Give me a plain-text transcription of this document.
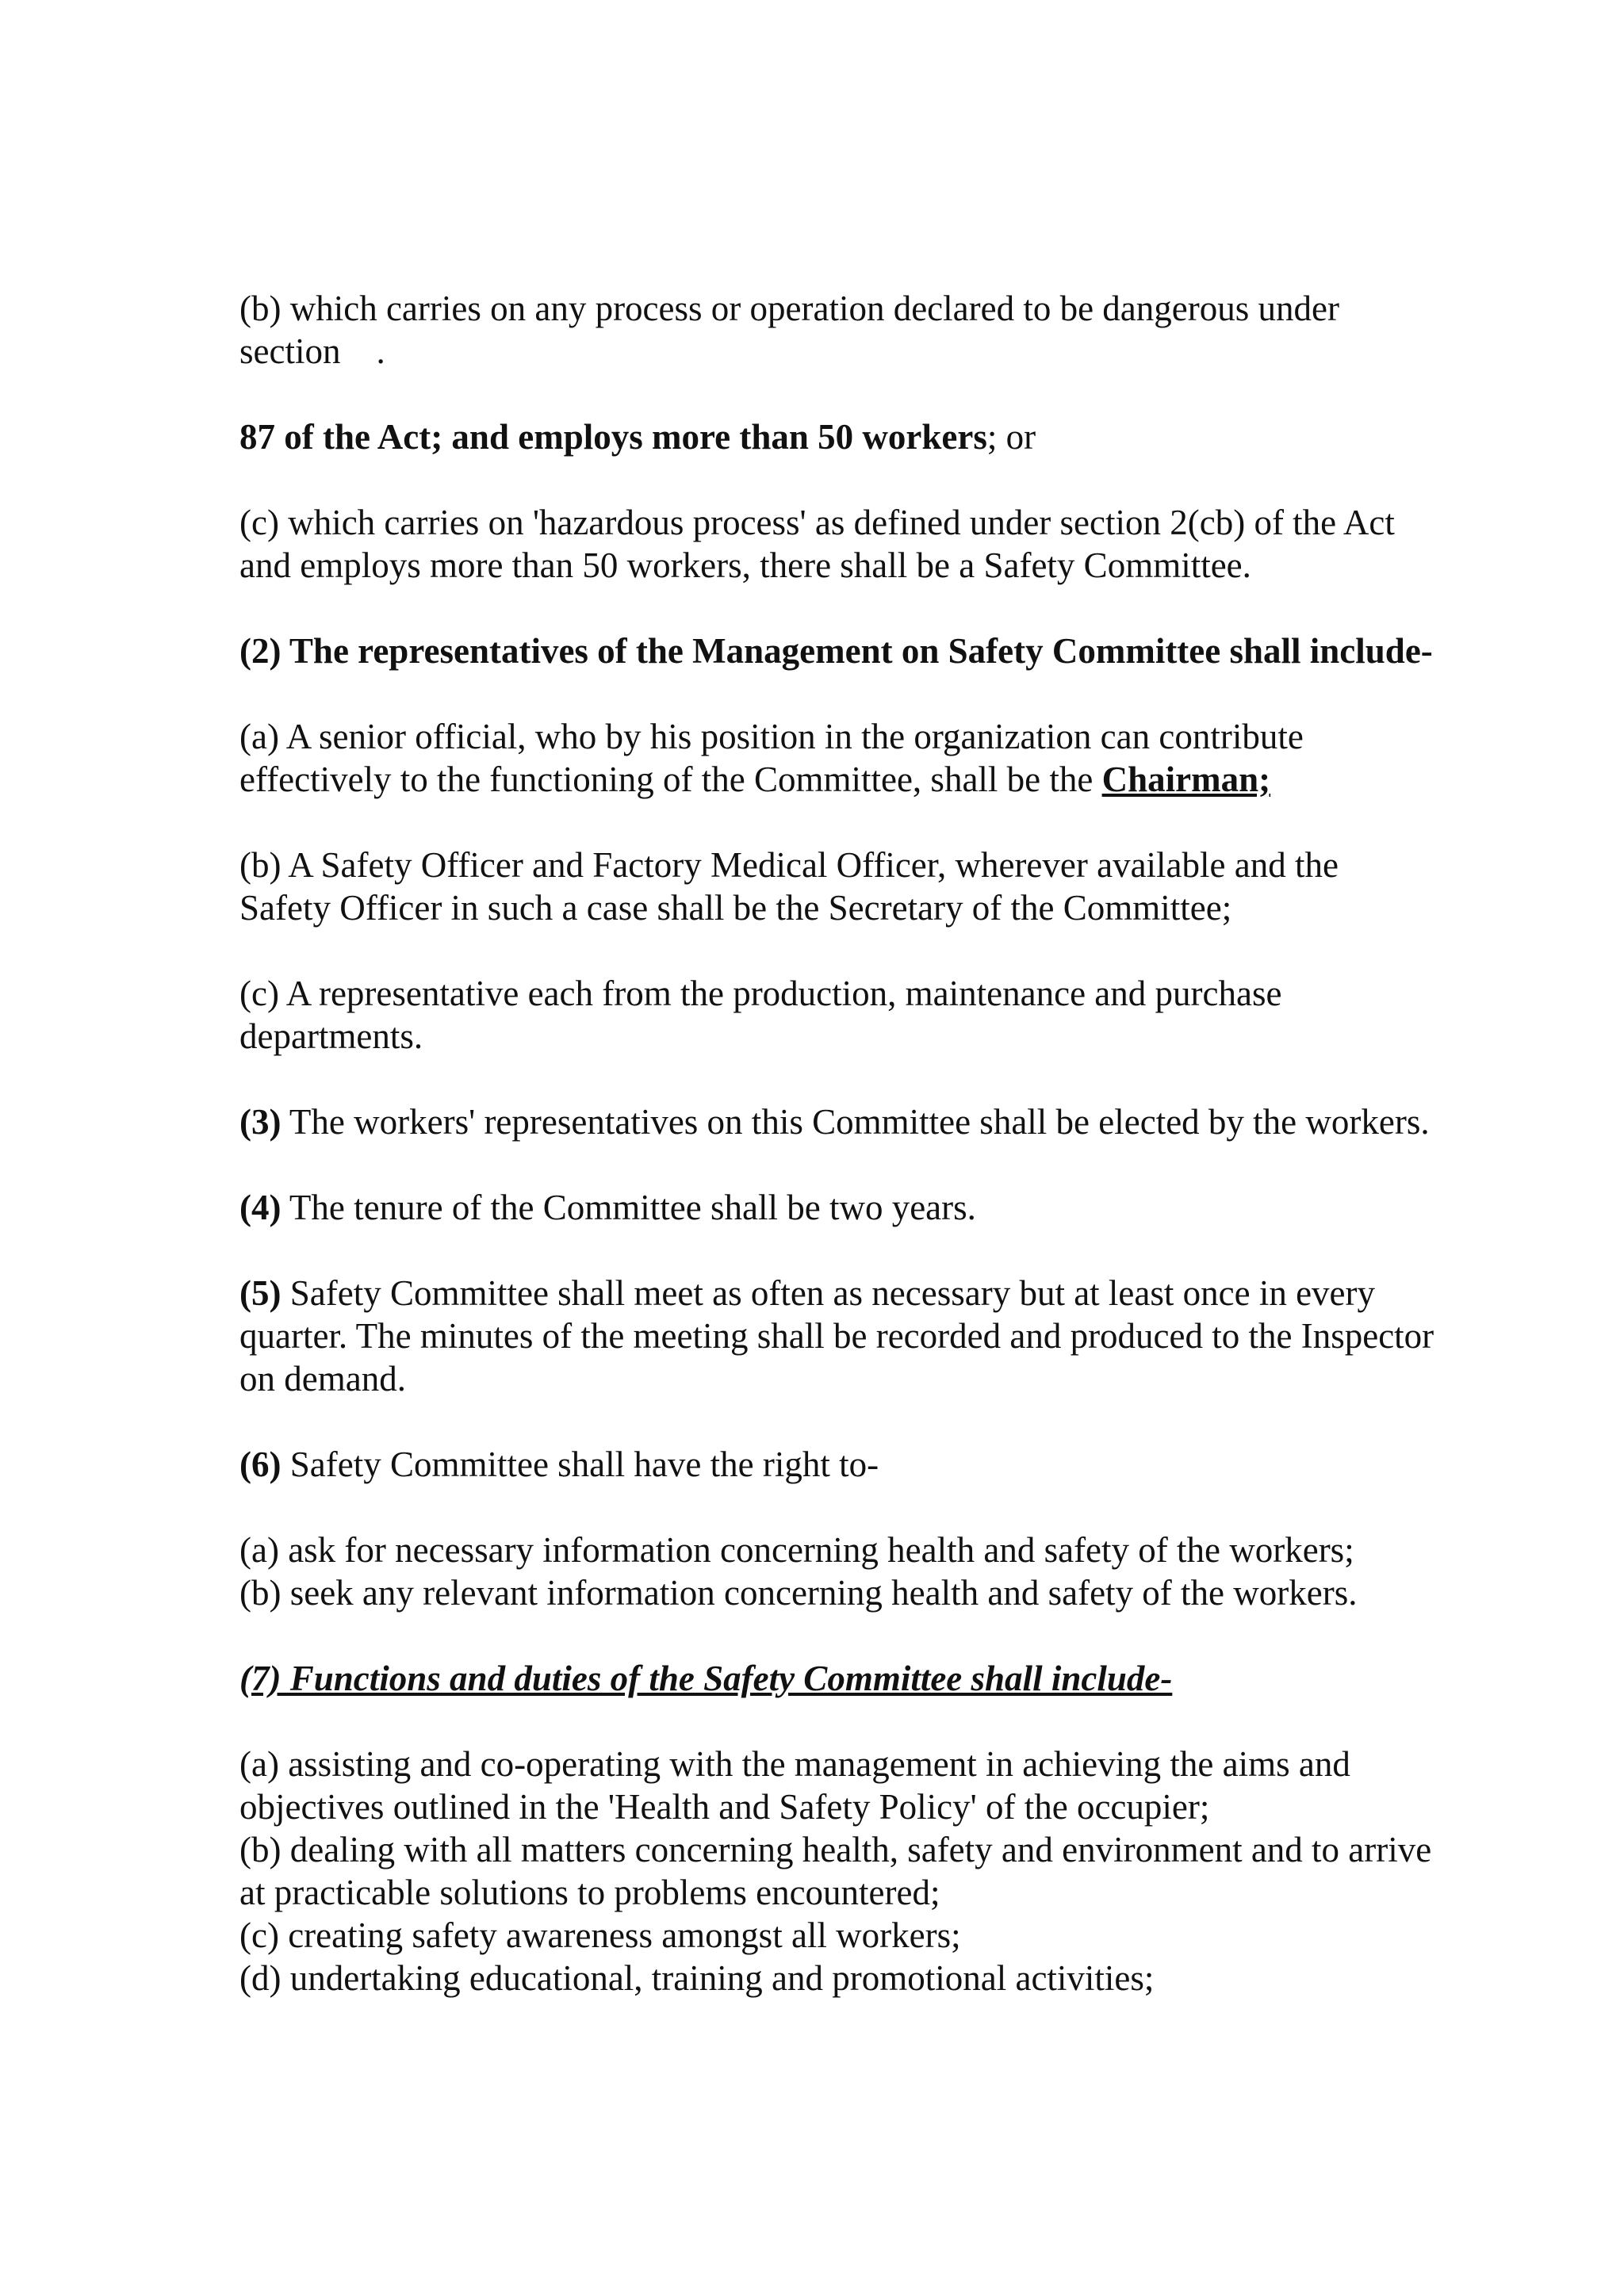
(b) which carries on any process or operation declared to be dangerous under
section    .

87 of the Act; and employs more than 50 workers; or

(c) which carries on 'hazardous process' as defined under section 2(cb) of the Act
and employs more than 50 workers, there shall be a Safety Committee.

(2) The representatives of the Management on Safety Committee shall include-

(a) A senior official, who by his position in the organization can contribute
effectively to the functioning of the Committee, shall be the Chairman;

(b) A Safety Officer and Factory Medical Officer, wherever available and the
Safety Officer in such a case shall be the Secretary of the Committee;

(c) A representative each from the production, maintenance and purchase
departments.

(3) The workers' representatives on this Committee shall be elected by the workers.

(4) The tenure of the Committee shall be two years.

(5) Safety Committee shall meet as often as necessary but at least once in every
quarter. The minutes of the meeting shall be recorded and produced to the Inspector
on demand.

(6) Safety Committee shall have the right to-

(a) ask for necessary information concerning health and safety of the workers;
(b) seek any relevant information concerning health and safety of the workers.

(7) Functions and duties of the Safety Committee shall include-

(a) assisting and co-operating with the management in achieving the aims and
objectives outlined in the 'Health and Safety Policy' of the occupier;
(b) dealing with all matters concerning health, safety and environment and to arrive
at practicable solutions to problems encountered;
(c) creating safety awareness amongst all workers;
(d) undertaking educational, training and promotional activities;
